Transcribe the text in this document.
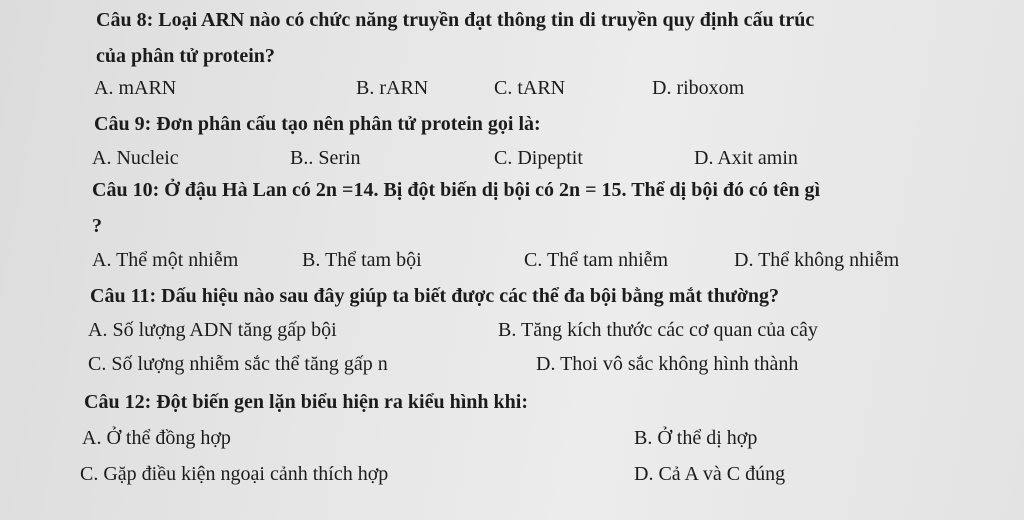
Câu 8: Loại ARN nào có chức năng truyền đạt thông tin di truyền quy định cấu trúc
của phân tử protein?
A. mARN	B. rARN	C. tARN	D. riboxom
Câu 9: Đơn phân cấu tạo nên phân tử protein gọi là:
A. Nucleic	B.. Serin	C. Dipeptit	D. Axit amin
Câu 10: Ở đậu Hà Lan có 2n =14. Bị đột biến dị bội có 2n = 15. Thể dị bội đó có tên gì
?
A. Thể một nhiễm	B. Thể tam bội	C. Thể tam nhiễm	D. Thể không nhiễm
Câu 11: Dấu hiệu nào sau đây giúp ta biết được các thể đa bội bằng mắt thường?
A. Số lượng ADN tăng gấp bội	B. Tăng kích thước các cơ quan của cây
C. Số lượng nhiễm sắc thể tăng gấp n	D. Thoi vô sắc không hình thành
Câu 12: Đột biến gen lặn biểu hiện ra kiểu hình khi:
A. Ở thể đồng hợp	B. Ở thể dị hợp
C. Gặp điều kiện ngoại cảnh thích hợp	D. Cả A và C đúng
